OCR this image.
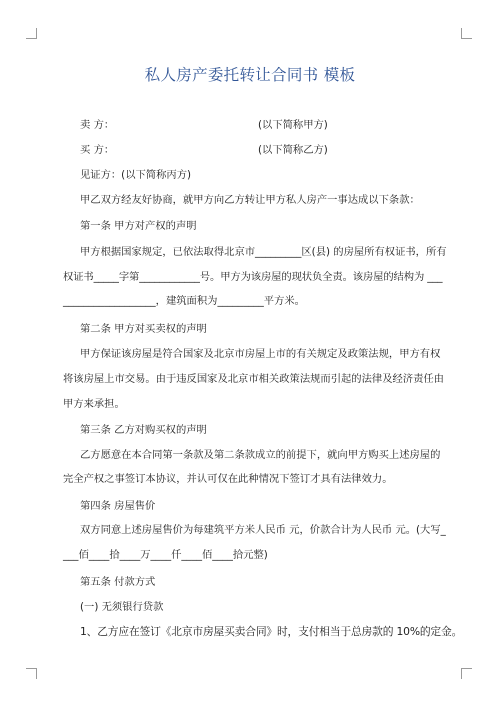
私人房产委托转让合同书 模板
卖 方：	(以下简称甲方)
买 方：	(以下简称乙方)
见证方：(以下简称丙方)
甲乙双方经友好协商，就甲方向乙方转让甲方私人房产一事达成以下条款：
第一条 甲方对产权的声明
甲方根据国家规定，已依法取得北京市_________区(县) 的房屋所有权证书，所有
权证书_____字第____________号。甲方为该房屋的现状负全责。该房屋的结构为 ___
__________________，建筑面积为_________平方米。
第二条 甲方对买卖权的声明
甲方保证该房屋是符合国家及北京市房屋上市的有关规定及政策法规，甲方有权
将该房屋上市交易。由于违反国家及北京市相关政策法规而引起的法律及经济责任由
甲方来承担。
第三条 乙方对购买权的声明
乙方愿意在本合同第一条款及第二条款成立的前提下，就向甲方购买上述房屋的
完全产权之事签订本协议，并认可仅在此种情况下签订才具有法律效力。
第四条 房屋售价
双方同意上述房屋售价为每建筑平方米人民币 元，价款合计为人民币 元。(大写_
___佰____拾____万____仟____佰____拾元整)
第五条 付款方式
(一) 无须银行贷款
1、乙方应在签订《北京市房屋买卖合同》时，支付相当于总房款的 10%的定金。
